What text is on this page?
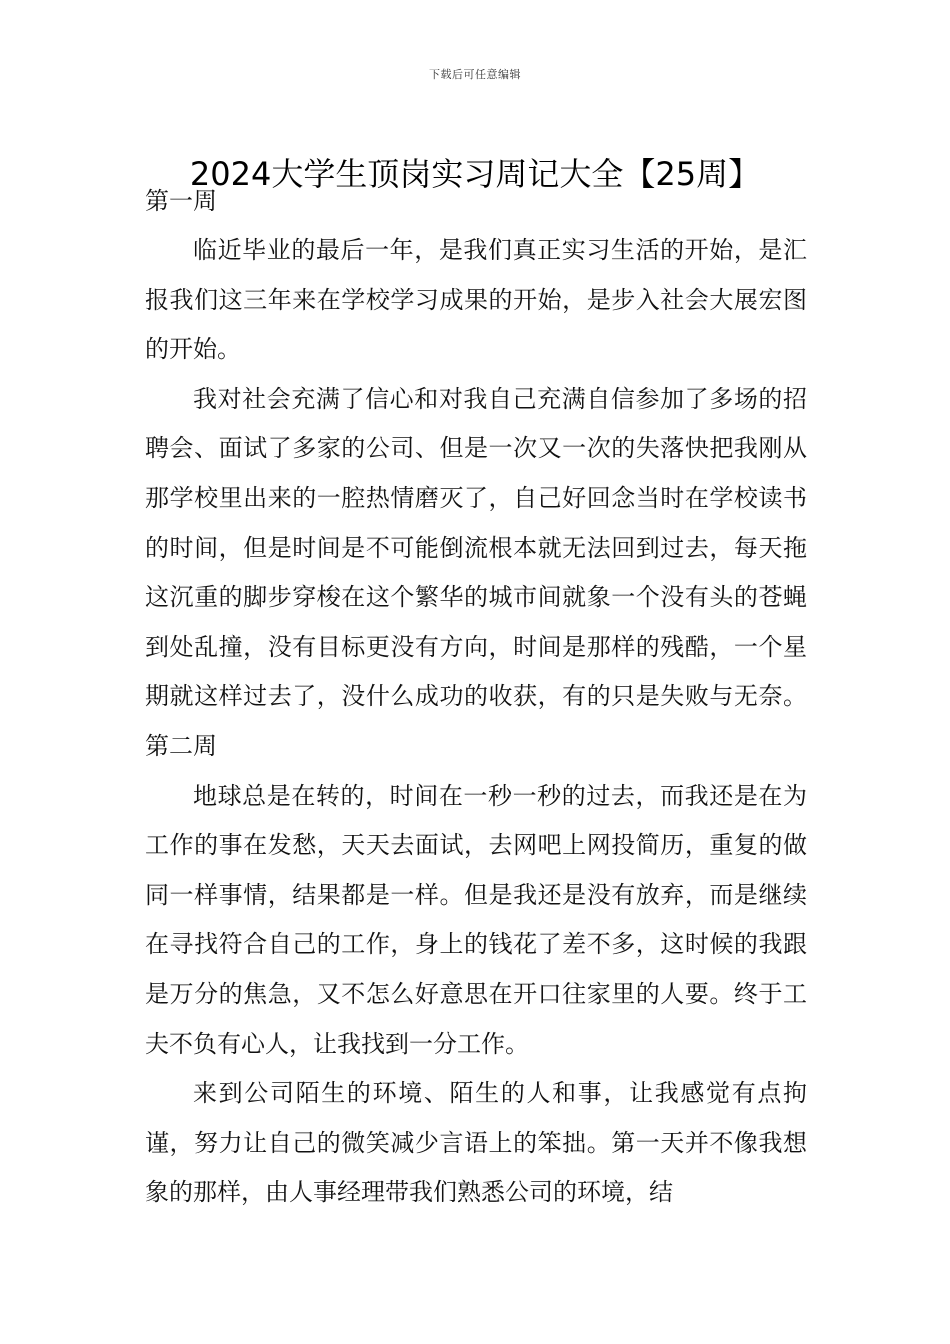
下载后可任意编辑
2024大学生顶岗实习周记大全【25周】

第一周

临近毕业的最后一年，是我们真正实习生活的开始，是汇报我们这三年来在学校学习成果的开始，是步入社会大展宏图的开始。

我对社会充满了信心和对我自己充满自信参加了多场的招聘会、面试了多家的公司、但是一次又一次的失落快把我刚从那学校里出来的一腔热情磨灭了，自己好回念当时在学校读书的时间，但是时间是不可能倒流根本就无法回到过去，每天拖这沉重的脚步穿梭在这个繁华的城市间就象一个没有头的苍蝇到处乱撞，没有目标更没有方向，时间是那样的残酷，一个星期就这样过去了，没什么成功的收获，有的只是失败与无奈。第二周

地球总是在转的，时间在一秒一秒的过去，而我还是在为工作的事在发愁，天天去面试，去网吧上网投简历，重复的做同一样事情，结果都是一样。但是我还是没有放弃，而是继续在寻找符合自己的工作，身上的钱花了差不多，这时候的我跟是万分的焦急，又不怎么好意思在开口往家里的人要。终于工夫不负有心人，让我找到一分工作。

来到公司陌生的环境、陌生的人和事，让我感觉有点拘谨，努力让自己的微笑减少言语上的笨拙。第一天并不像我想象的那样，由人事经理带我们熟悉公司的环境，结
